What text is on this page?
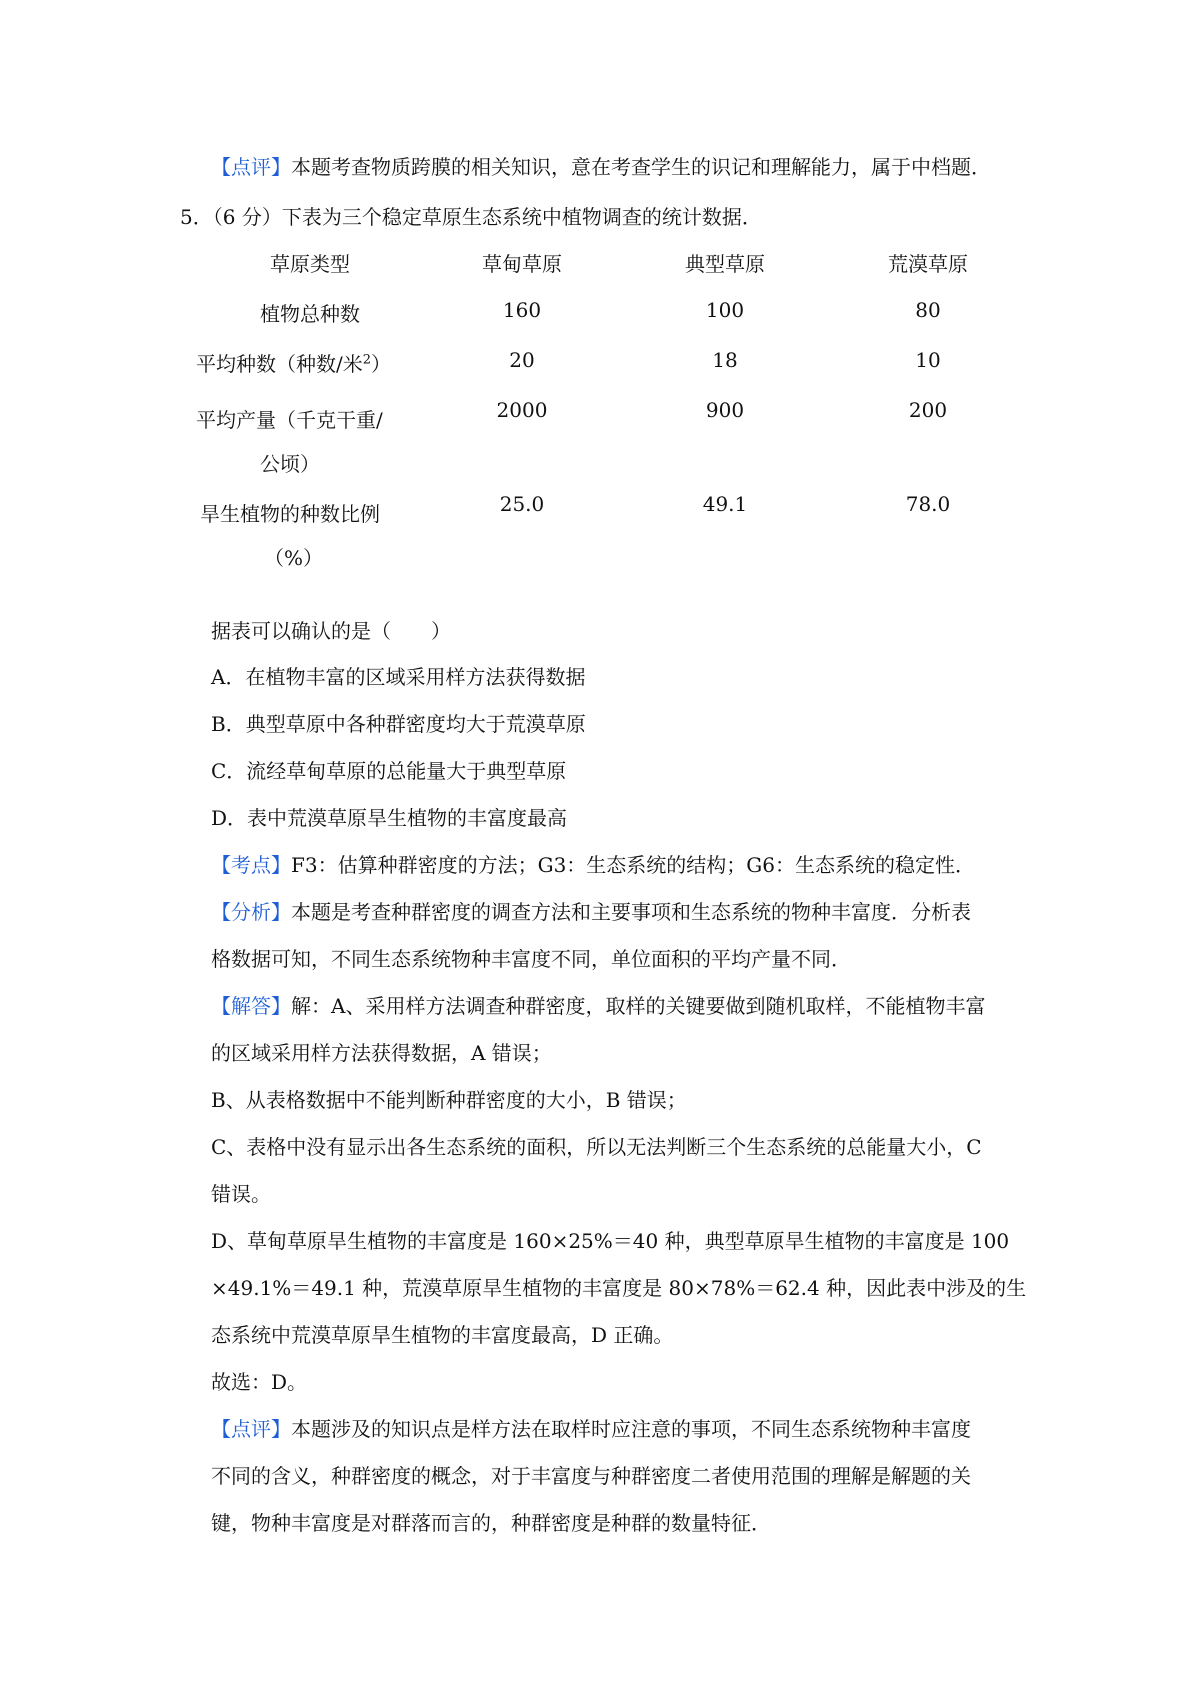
【点评】本题考查物质跨膜的相关知识，意在考查学生的识记和理解能力，属于中档题．
5．（6 分）下表为三个稳定草原生态系统中植物调查的统计数据．
草原类型	草甸草原	典型草原	荒漠草原
植物总种数	160	100	80
平均种数（种数/米$^2$）	20	18	10

平均产量（千克干重/
公顷）	2000	900	200

旱生植物的种数比例
（%）	25.0	49.1	78.0
据表可以确认的是（　　）
A．在植物丰富的区域采用样方法获得数据
B．典型草原中各种群密度均大于荒漠草原
C．流经草甸草原的总能量大于典型草原
D．表中荒漠草原旱生植物的丰富度最高
【考点】F3：估算种群密度的方法；G3：生态系统的结构；G6：生态系统的稳定性．
【分析】本题是考查种群密度的调查方法和主要事项和生态系统的物种丰富度．分析表
格数据可知，不同生态系统物种丰富度不同，单位面积的平均产量不同．
【解答】解：A、采用样方法调查种群密度，取样的关键要做到随机取样，不能植物丰富
的区域采用样方法获得数据，A 错误；
B、从表格数据中不能判断种群密度的大小，B 错误；
C、表格中没有显示出各生态系统的面积，所以无法判断三个生态系统的总能量大小，C
错误。
D、草甸草原旱生植物的丰富度是 160×25%＝40 种，典型草原旱生植物的丰富度是 100
×49.1%＝49.1 种，荒漠草原旱生植物的丰富度是 80×78%＝62.4 种，因此表中涉及的生
态系统中荒漠草原旱生植物的丰富度最高，D 正确。
故选：D。
【点评】本题涉及的知识点是样方法在取样时应注意的事项，不同生态系统物种丰富度
不同的含义，种群密度的概念，对于丰富度与种群密度二者使用范围的理解是解题的关
键，物种丰富度是对群落而言的，种群密度是种群的数量特征．
